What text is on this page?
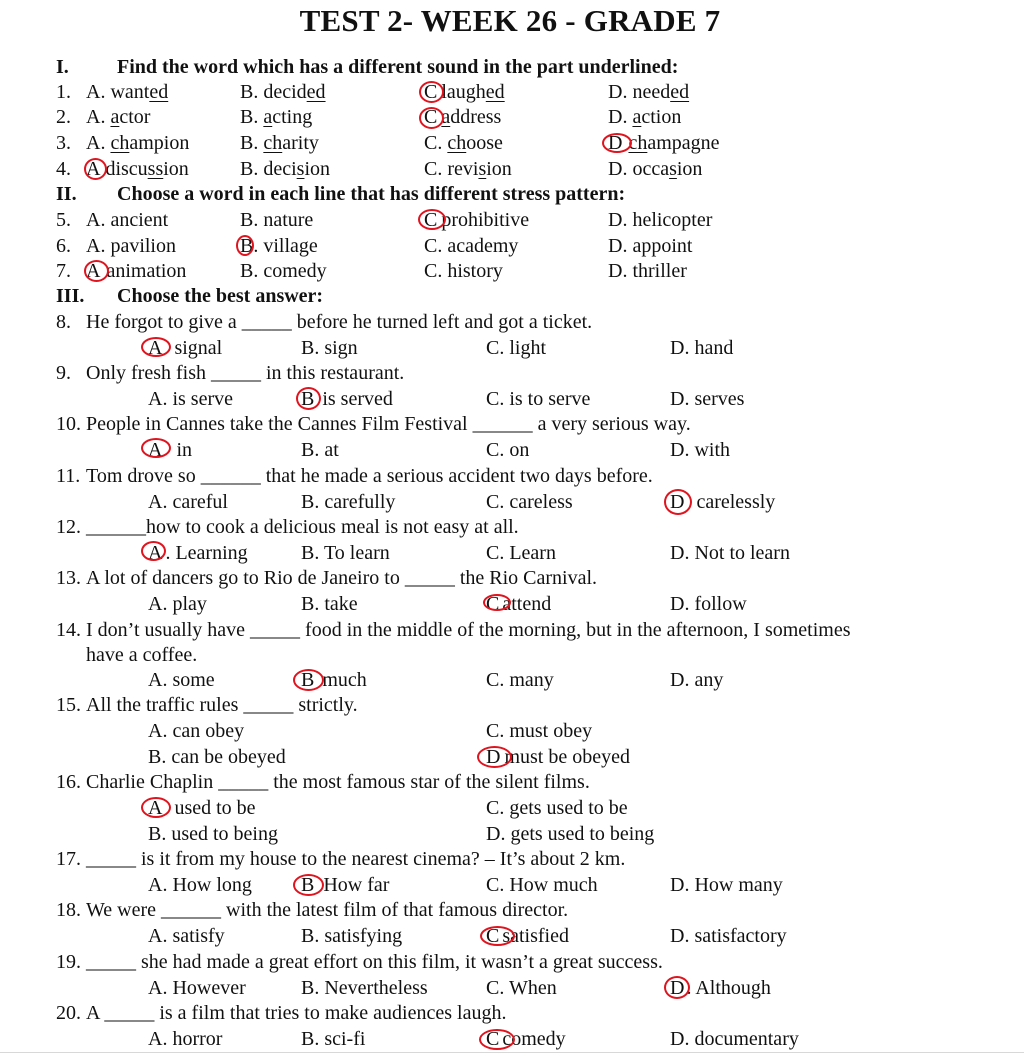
TEST 2- WEEK 26 - GRADE 7
I. Find the word which has a different sound in the part underlined:
1. A. wanted	B. decided	C laughed	D. needed
2. A. actor	B. acting	C address	D. action
3. A. champion	B. charity	C. choose	D champagne
4. A discussion	B. decision	C. revision	D. occasion
II. Choose a word in each line that has different stress pattern:
5. A. ancient	B. nature	C prohibitive	D. helicopter
6. A. pavilion	B. village	C. academy	D. appoint
7. A animation	B. comedy	C. history	D. thriller
III. Choose the best answer:
8. He forgot to give a _____ before he turned left and got a ticket.
A signal	B. sign	C. light	D. hand
9. Only fresh fish _____ in this restaurant.
A. is serve	B is served	C. is to serve	D. serves
10. People in Cannes take the Cannes Film Festival ______ a very serious way.
A in	B. at	C. on	D. with
11. Tom drove so ______ that he made a serious accident two days before.
A. careful	B. carefully	C. careless	D carelessly
12. ______how to cook a delicious meal is not easy at all.
A . Learning	B. To learn	C. Learn	D. Not to learn
13. A lot of dancers go to Rio de Janeiro to _____ the Rio Carnival.
A. play	B. take	C attend	D. follow
14. I don’t usually have _____ food in the middle of the morning, but in the afternoon, I sometimes
have a coffee.
A. some	B much	C. many	D. any
15. All the traffic rules _____ strictly.
A. can obey	C. must obey
B. can be obeyed	D must be obeyed
16. Charlie Chaplin _____ the most famous star of the silent films.
A used to be	C. gets used to be
B. used to being	D. gets used to being
17. _____ is it from my house to the nearest cinema? – It’s about 2 km.
A. How long B How far	C. How much	D. How many
18. We were ______ with the latest film of that famous director.
A. satisfy	B. satisfying	C satisfied	D. satisfactory
19. _____ she had made a great effort on this film, it wasn’t a great success.
A. However	B. Nevertheless	C. When	D . Although
20. A _____ is a film that tries to make audiences laugh.
A. horror	B. sci-fi	C comedy	D. documentary
